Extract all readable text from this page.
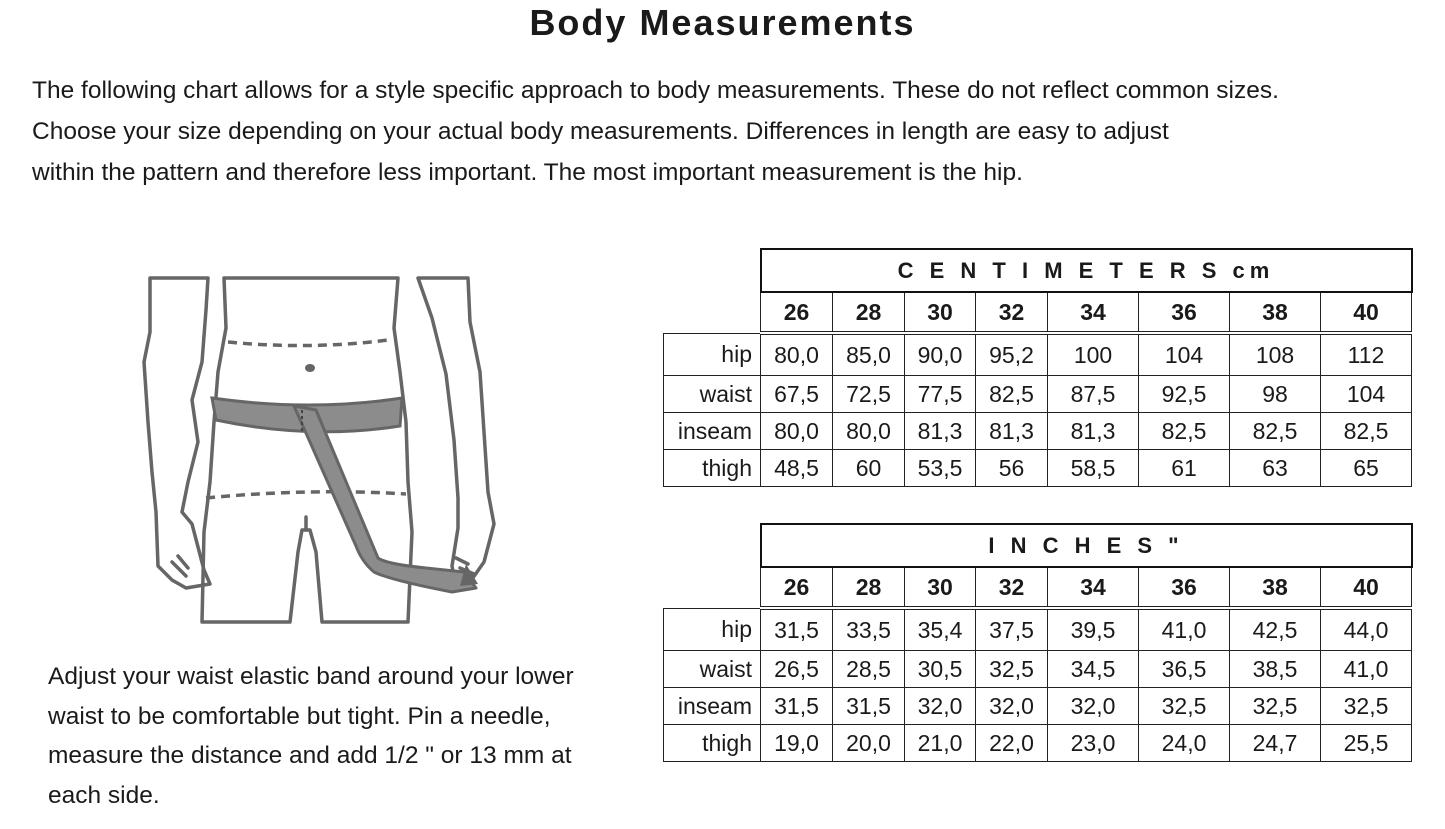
Body Measurements

The following chart allows for a style specific approach to body measurements. These do not reflect common sizes.

Choose your size depending on your actual body measurements. Differences in length are easy to adjust

within the pattern and therefore less important. The most important measurement is the hip.

Adjust your waist elastic band around your lower

waist to be comfortable but tight. Pin a needle,

measure the distance and add 1/2 " or 13 mm at

each side.

	C E N T I M E T E R S cm							
	26	28	30	32	34	36	38	40
hip	80,0	85,0	90,0	95,2	100	104	108	112
waist	67,5	72,5	77,5	82,5	87,5	92,5	98	104
inseam	80,0	80,0	81,3	81,3	81,3	82,5	82,5	82,5
thigh	48,5	60	53,5	56	58,5	61	63	65
	I N C H E S "							
	26	28	30	32	34	36	38	40
hip	31,5	33,5	35,4	37,5	39,5	41,0	42,5	44,0
waist	26,5	28,5	30,5	32,5	34,5	36,5	38,5	41,0
inseam	31,5	31,5	32,0	32,0	32,0	32,5	32,5	32,5
thigh	19,0	20,0	21,0	22,0	23,0	24,0	24,7	25,5
